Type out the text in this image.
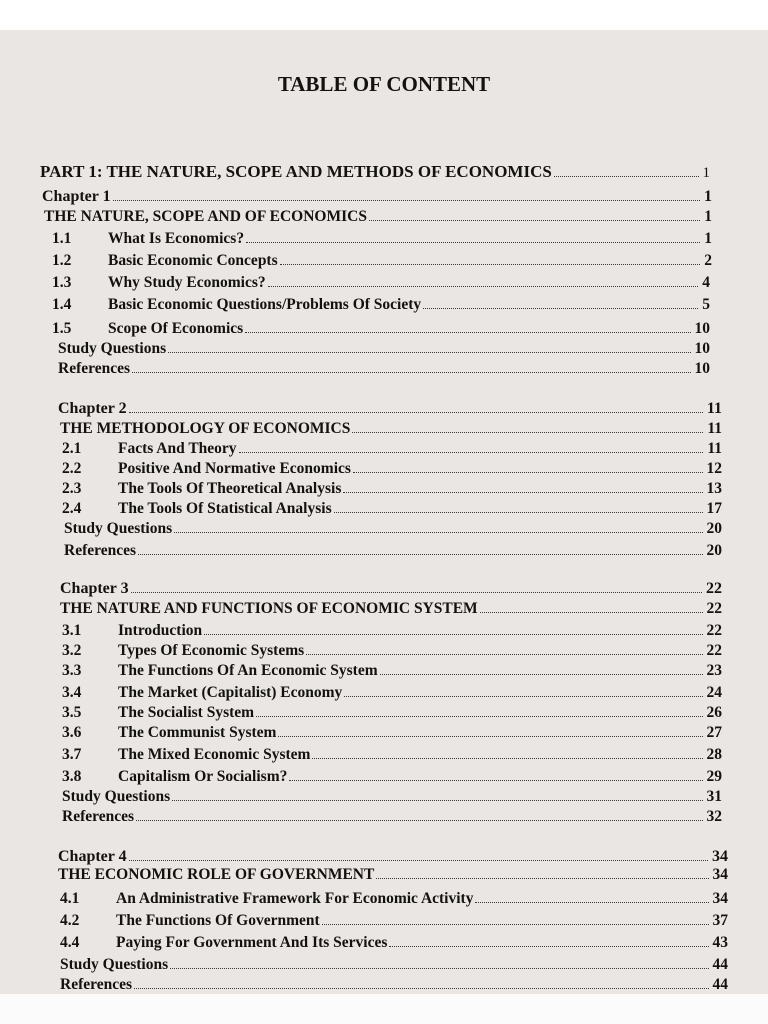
TABLE OF CONTENT
PART 1: THE NATURE, SCOPE AND METHODS OF ECONOMICS	1
Chapter 1	1
THE NATURE, SCOPE AND OF ECONOMICS	1
1.1	What Is Economics?	1
1.2	Basic Economic Concepts	2
1.3	Why Study Economics?	4
1.4	Basic Economic Questions/Problems Of Society	5
1.5	Scope Of Economics	10
Study Questions	10
References	10
Chapter 2	11
THE METHODOLOGY OF ECONOMICS	11
2.1	Facts And Theory	11
2.2	Positive And Normative Economics	12
2.3	The Tools Of Theoretical Analysis	13
2.4	The Tools Of Statistical Analysis	17
Study Questions	20
References	20
Chapter 3	22
THE NATURE AND FUNCTIONS OF ECONOMIC SYSTEM	22
3.1	Introduction	22
3.2	Types Of Economic Systems	22
3.3	The Functions Of An Economic System	23
3.4	The Market (Capitalist) Economy	24
3.5	The Socialist System	26
3.6	The Communist System	27
3.7	The Mixed Economic System	28
3.8	Capitalism Or Socialism?	29
Study Questions	31
References	32
Chapter 4	34
THE ECONOMIC ROLE OF GOVERNMENT	34
4.1	An Administrative Framework For Economic Activity	34
4.2	The Functions Of Government	37
4.4	Paying For Government And Its Services	43
Study Questions	44
References	44
